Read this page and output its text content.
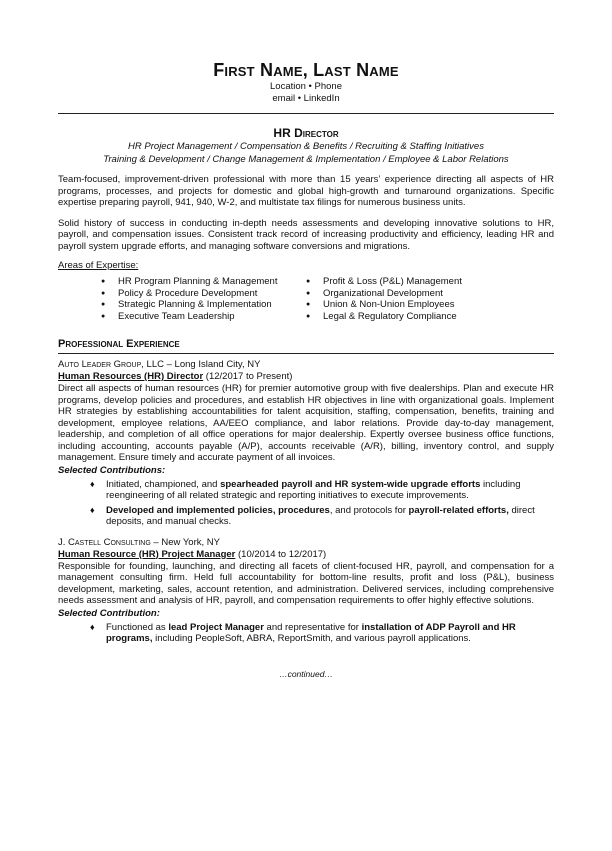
First Name, Last Name
Location • Phone
email • LinkedIn
HR Director
HR Project Management / Compensation & Benefits / Recruiting & Staffing Initiatives
Training & Development / Change Management & Implementation / Employee & Labor Relations

Team-focused, improvement-driven professional with more than 15 years’ experience directing all aspects of HR programs, processes, and projects for domestic and global high-growth and turnaround organizations. Specific expertise preparing payroll, 941, 940, W-2, and multistate tax filings for numerous business units.

Solid history of success in conducting in-depth needs assessments and developing innovative solutions to HR, payroll, and compensation issues. Consistent track record of increasing productivity and efficiency, leading HR and payroll system upgrade efforts, and managing software conversions and migrations.

Areas of Expertise:
● HR Program Planning & Management
● Policy & Procedure Development
● Strategic Planning & Implementation
● Executive Team Leadership
● Profit & Loss (P&L) Management
● Organizational Development
● Union & Non-Union Employees
● Legal & Regulatory Compliance
Professional Experience
Auto Leader Group, LLC – Long Island City, NY
Human Resources (HR) Director (12/2017 to Present)

Direct all aspects of human resources (HR) for premier automotive group with five dealerships. Plan and execute HR programs, develop policies and procedures, and establish HR objectives in line with organizational goals. Implement HR strategies by establishing accountabilities for talent acquisition, staffing, compensation, benefits, training and development, employee relations, AA/EEO compliance, and labor relations. Provide day-to-day management, leadership, and completion of all office operations for major dealership. Expertly oversee business office functions, including accounting, accounts payable (A/P), accounts receivable (A/R), billing, inventory control, and supply management. Ensure timely and accurate payment of all invoices.

Selected Contributions:
♦ Initiated, championed, and spearheaded payroll and HR system-wide upgrade efforts including reengineering of all related strategic and reporting initiatives to execute improvements.
♦ Developed and implemented policies, procedures, and protocols for payroll-related efforts, direct deposits, and manual checks.
J. Castell Consulting – New York, NY
Human Resource (HR) Project Manager (10/2014 to 12/2017)

Responsible for founding, launching, and directing all facets of client-focused HR, payroll, and compensation for a management consulting firm. Held full accountability for bottom-line results, profit and loss (P&L), business development, marketing, sales, account retention, and administration. Delivered services, including comprehensive needs assessment and analysis of HR, payroll, and compensation requirements to offer highly effective solutions.

Selected Contribution:
♦ Functioned as lead Project Manager and representative for installation of ADP Payroll and HR programs, including PeopleSoft, ABRA, ReportSmith, and various payroll applications.
…continued…
